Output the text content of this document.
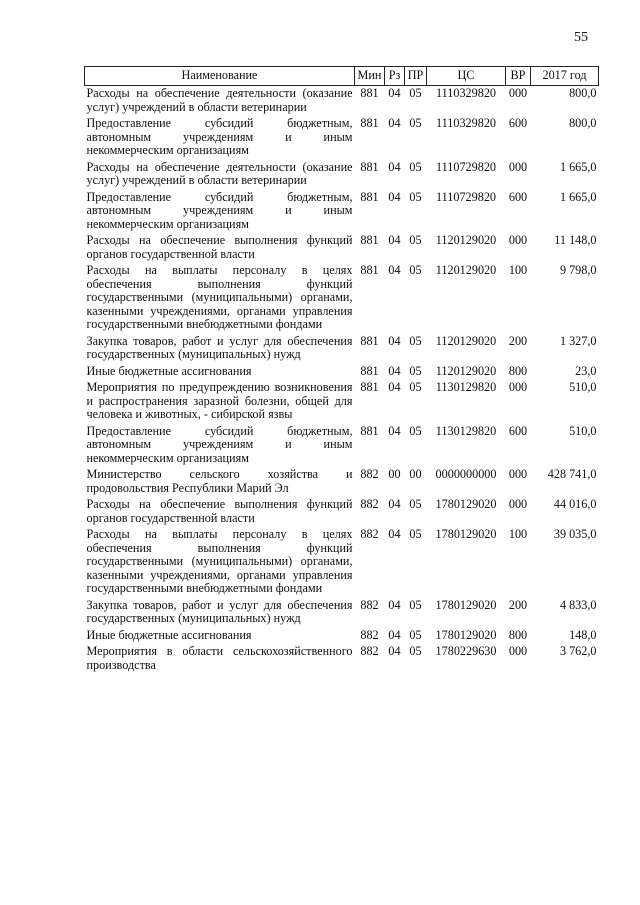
55
Наименование	Мин	Рз	ПР	ЦС	ВР	2017 год
Расходы на обеспечение деятельности (оказание услуг) учреждений в области ветеринарии	881	04	05	1110329820	000	800,0
Предоставление субсидий бюджетным, автономным учреждениям и иным некоммерческим организациям	881	04	05	1110329820	600	800,0
Расходы на обеспечение деятельности (оказание услуг) учреждений в области ветеринарии	881	04	05	1110729820	000	1 665,0
Предоставление субсидий бюджетным, автономным учреждениям и иным некоммерческим организациям	881	04	05	1110729820	600	1 665,0
Расходы на обеспечение выполнения функций органов государственной власти	881	04	05	1120129020	000	11 148,0
Расходы на выплаты персоналу в целях обеспечения выполнения функций государственными (муниципальными) органами, казенными учреждениями, органами управления государственными внебюджетными фондами	881	04	05	1120129020	100	9 798,0
Закупка товаров, работ и услуг для обеспечения государственных (муниципальных) нужд	881	04	05	1120129020	200	1 327,0
Иные бюджетные ассигнования	881	04	05	1120129020	800	23,0
Мероприятия по предупреждению возникновения и распространения заразной болезни, общей для человека и животных, - сибирской язвы	881	04	05	1130129820	000	510,0
Предоставление субсидий бюджетным, автономным учреждениям и иным некоммерческим организациям	881	04	05	1130129820	600	510,0
Министерство сельского хозяйства и продовольствия Республики Марий Эл	882	00	00	0000000000	000	428 741,0
Расходы на обеспечение выполнения функций органов государственной власти	882	04	05	1780129020	000	44 016,0
Расходы на выплаты персоналу в целях обеспечения выполнения функций государственными (муниципальными) органами, казенными учреждениями, органами управления государственными внебюджетными фондами	882	04	05	1780129020	100	39 035,0
Закупка товаров, работ и услуг для обеспечения государственных (муниципальных) нужд	882	04	05	1780129020	200	4 833,0
Иные бюджетные ассигнования	882	04	05	1780129020	800	148,0
Мероприятия в области сельскохозяйственного производства	882	04	05	1780229630	000	3 762,0
